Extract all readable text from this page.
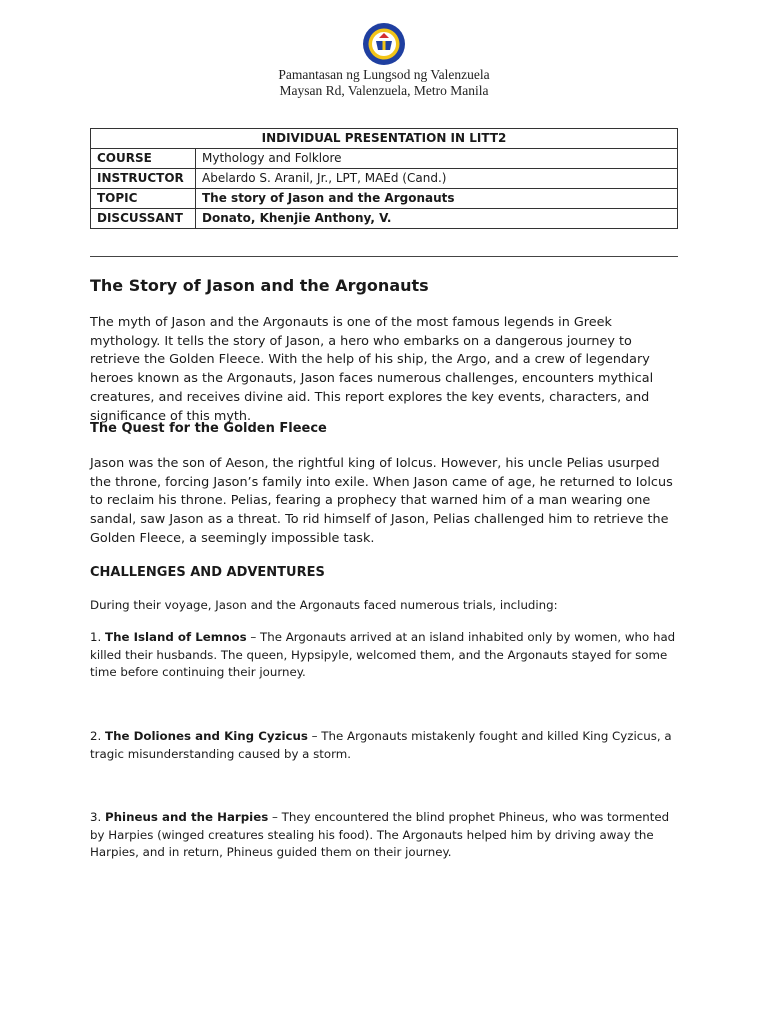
Pamantasan ng Lungsod ng Valenzuela
Maysan Rd, Valenzuela, Metro Manila
INDIVIDUAL PRESENTATION IN LITT2	
COURSE	Mythology and Folklore
INSTRUCTOR	Abelardo S. Aranil, Jr., LPT, MAEd (Cand.)
TOPIC	The story of Jason and the Argonauts
DISCUSSANT	Donato, Khenjie Anthony, V.
The Story of Jason and the Argonauts
The myth of Jason and the Argonauts is one of the most famous legends in Greek mythology. It tells the story of Jason, a hero who embarks on a dangerous journey to retrieve the Golden Fleece. With the help of his ship, the Argo, and a crew of legendary heroes known as the Argonauts, Jason faces numerous challenges, encounters mythical creatures, and receives divine aid. This report explores the key events, characters, and significance of this myth.
The Quest for the Golden Fleece
Jason was the son of Aeson, the rightful king of Iolcus. However, his uncle Pelias usurped the throne, forcing Jason’s family into exile. When Jason came of age, he returned to Iolcus to reclaim his throne. Pelias, fearing a prophecy that warned him of a man wearing one sandal, saw Jason as a threat. To rid himself of Jason, Pelias challenged him to retrieve the Golden Fleece, a seemingly impossible task.
CHALLENGES AND ADVENTURES
During their voyage, Jason and the Argonauts faced numerous trials, including:
1. The Island of Lemnos – The Argonauts arrived at an island inhabited only by women, who had killed their husbands. The queen, Hypsipyle, welcomed them, and the Argonauts stayed for some time before continuing their journey.
2. The Doliones and King Cyzicus – The Argonauts mistakenly fought and killed King Cyzicus, a tragic misunderstanding caused by a storm.
3. Phineus and the Harpies – They encountered the blind prophet Phineus, who was tormented by Harpies (winged creatures stealing his food). The Argonauts helped him by driving away the Harpies, and in return, Phineus guided them on their journey.
